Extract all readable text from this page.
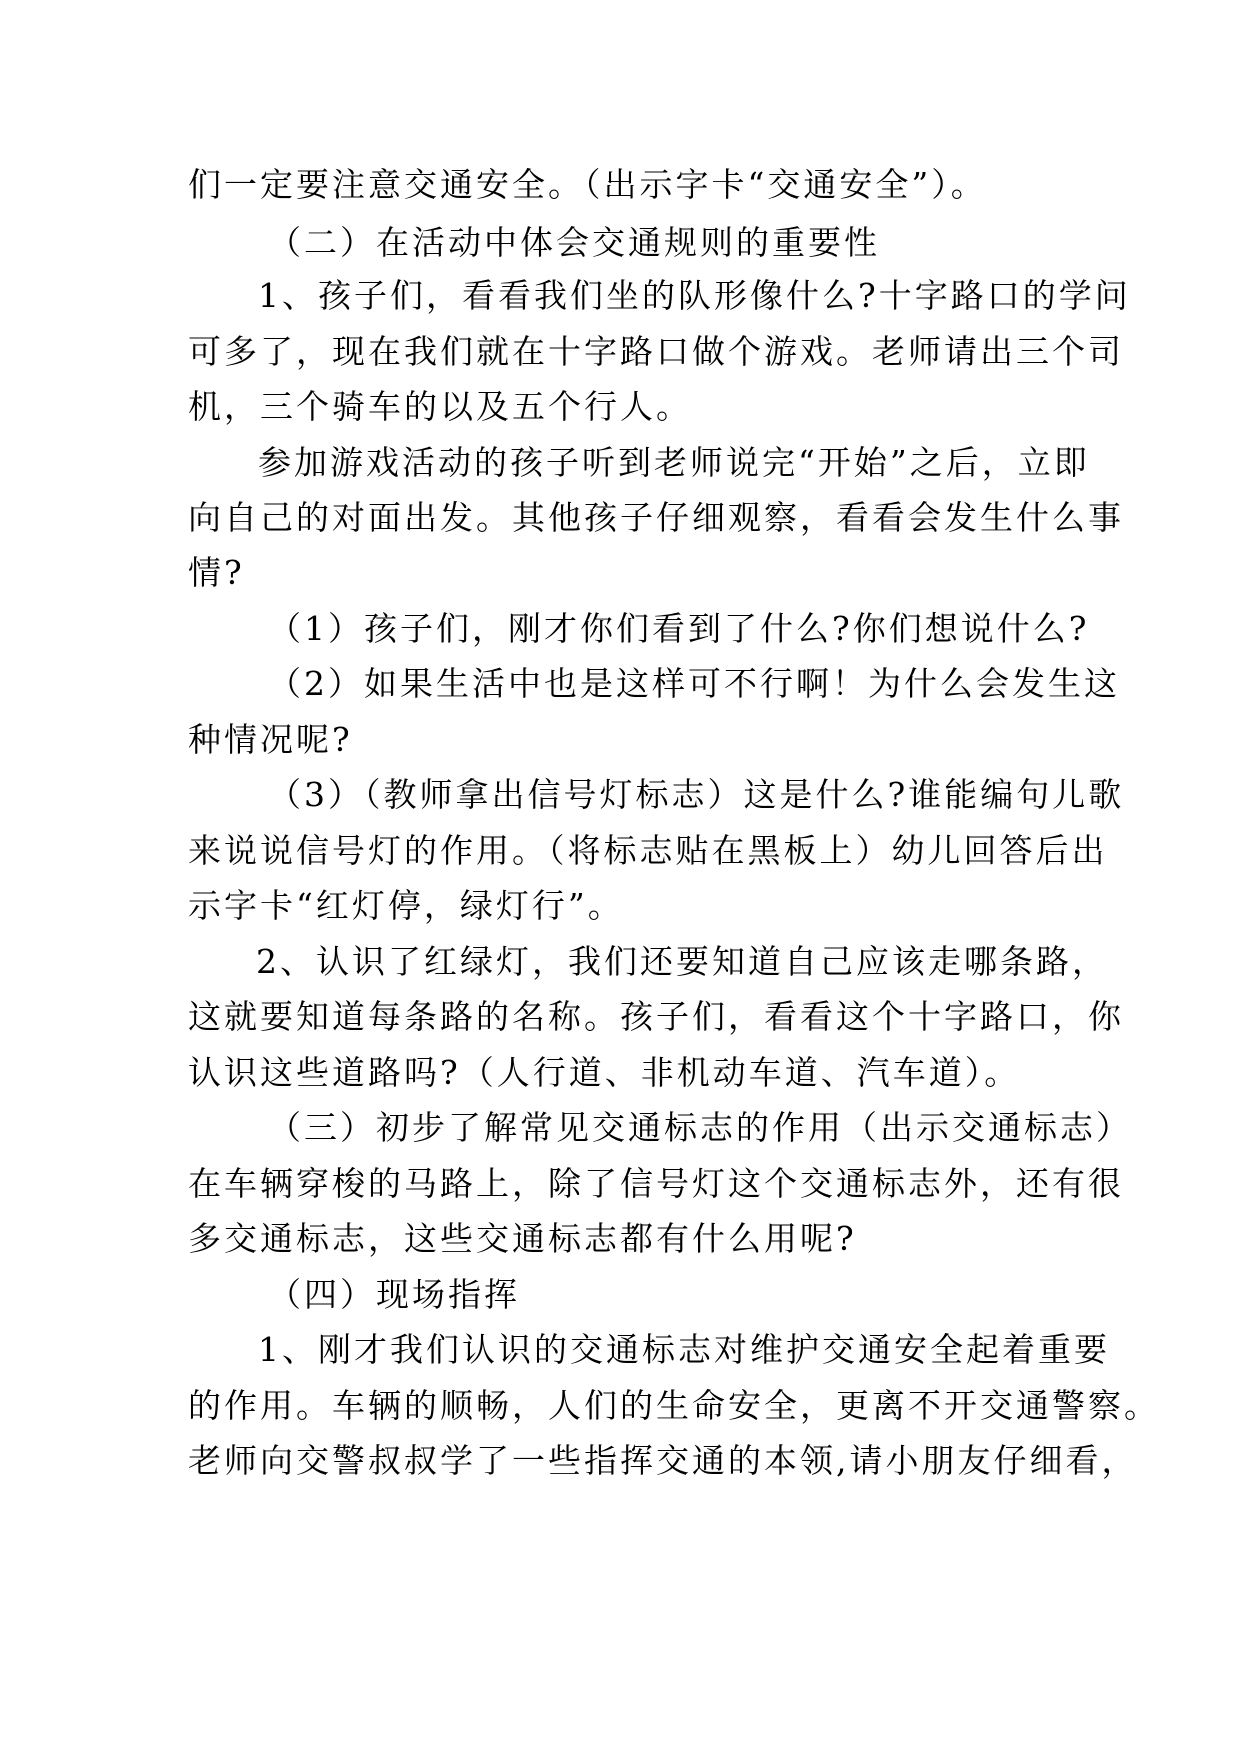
们一定要注意交通安全。（出示字卡“交通安全”）。
（二）在活动中体会交通规则的重要性
1、孩子们，看看我们坐的队形像什么?十字路口的学问
可多了，现在我们就在十字路口做个游戏。老师请出三个司
机，三个骑车的以及五个行人。
参加游戏活动的孩子听到老师说完“开始”之后，立即
向自己的对面出发。其他孩子仔细观察，看看会发生什么事
情?
（1）孩子们，刚才你们看到了什么?你们想说什么?
（2）如果生活中也是这样可不行啊！为什么会发生这
种情况呢?
（3）（教师拿出信号灯标志）这是什么?谁能编句儿歌
来说说信号灯的作用。（将标志贴在黑板上）幼儿回答后出
示字卡“红灯停，绿灯行”。
2、认识了红绿灯，我们还要知道自己应该走哪条路，
这就要知道每条路的名称。孩子们，看看这个十字路口，你
认识这些道路吗?（人行道、非机动车道、汽车道）。
（三）初步了解常见交通标志的作用（出示交通标志）
在车辆穿梭的马路上，除了信号灯这个交通标志外，还有很
多交通标志，这些交通标志都有什么用呢?
（四）现场指挥
1、刚才我们认识的交通标志对维护交通安全起着重要
的作用。车辆的顺畅，人们的生命安全，更离不开交通警察。
老师向交警叔叔学了一些指挥交通的本领,请小朋友仔细看，
